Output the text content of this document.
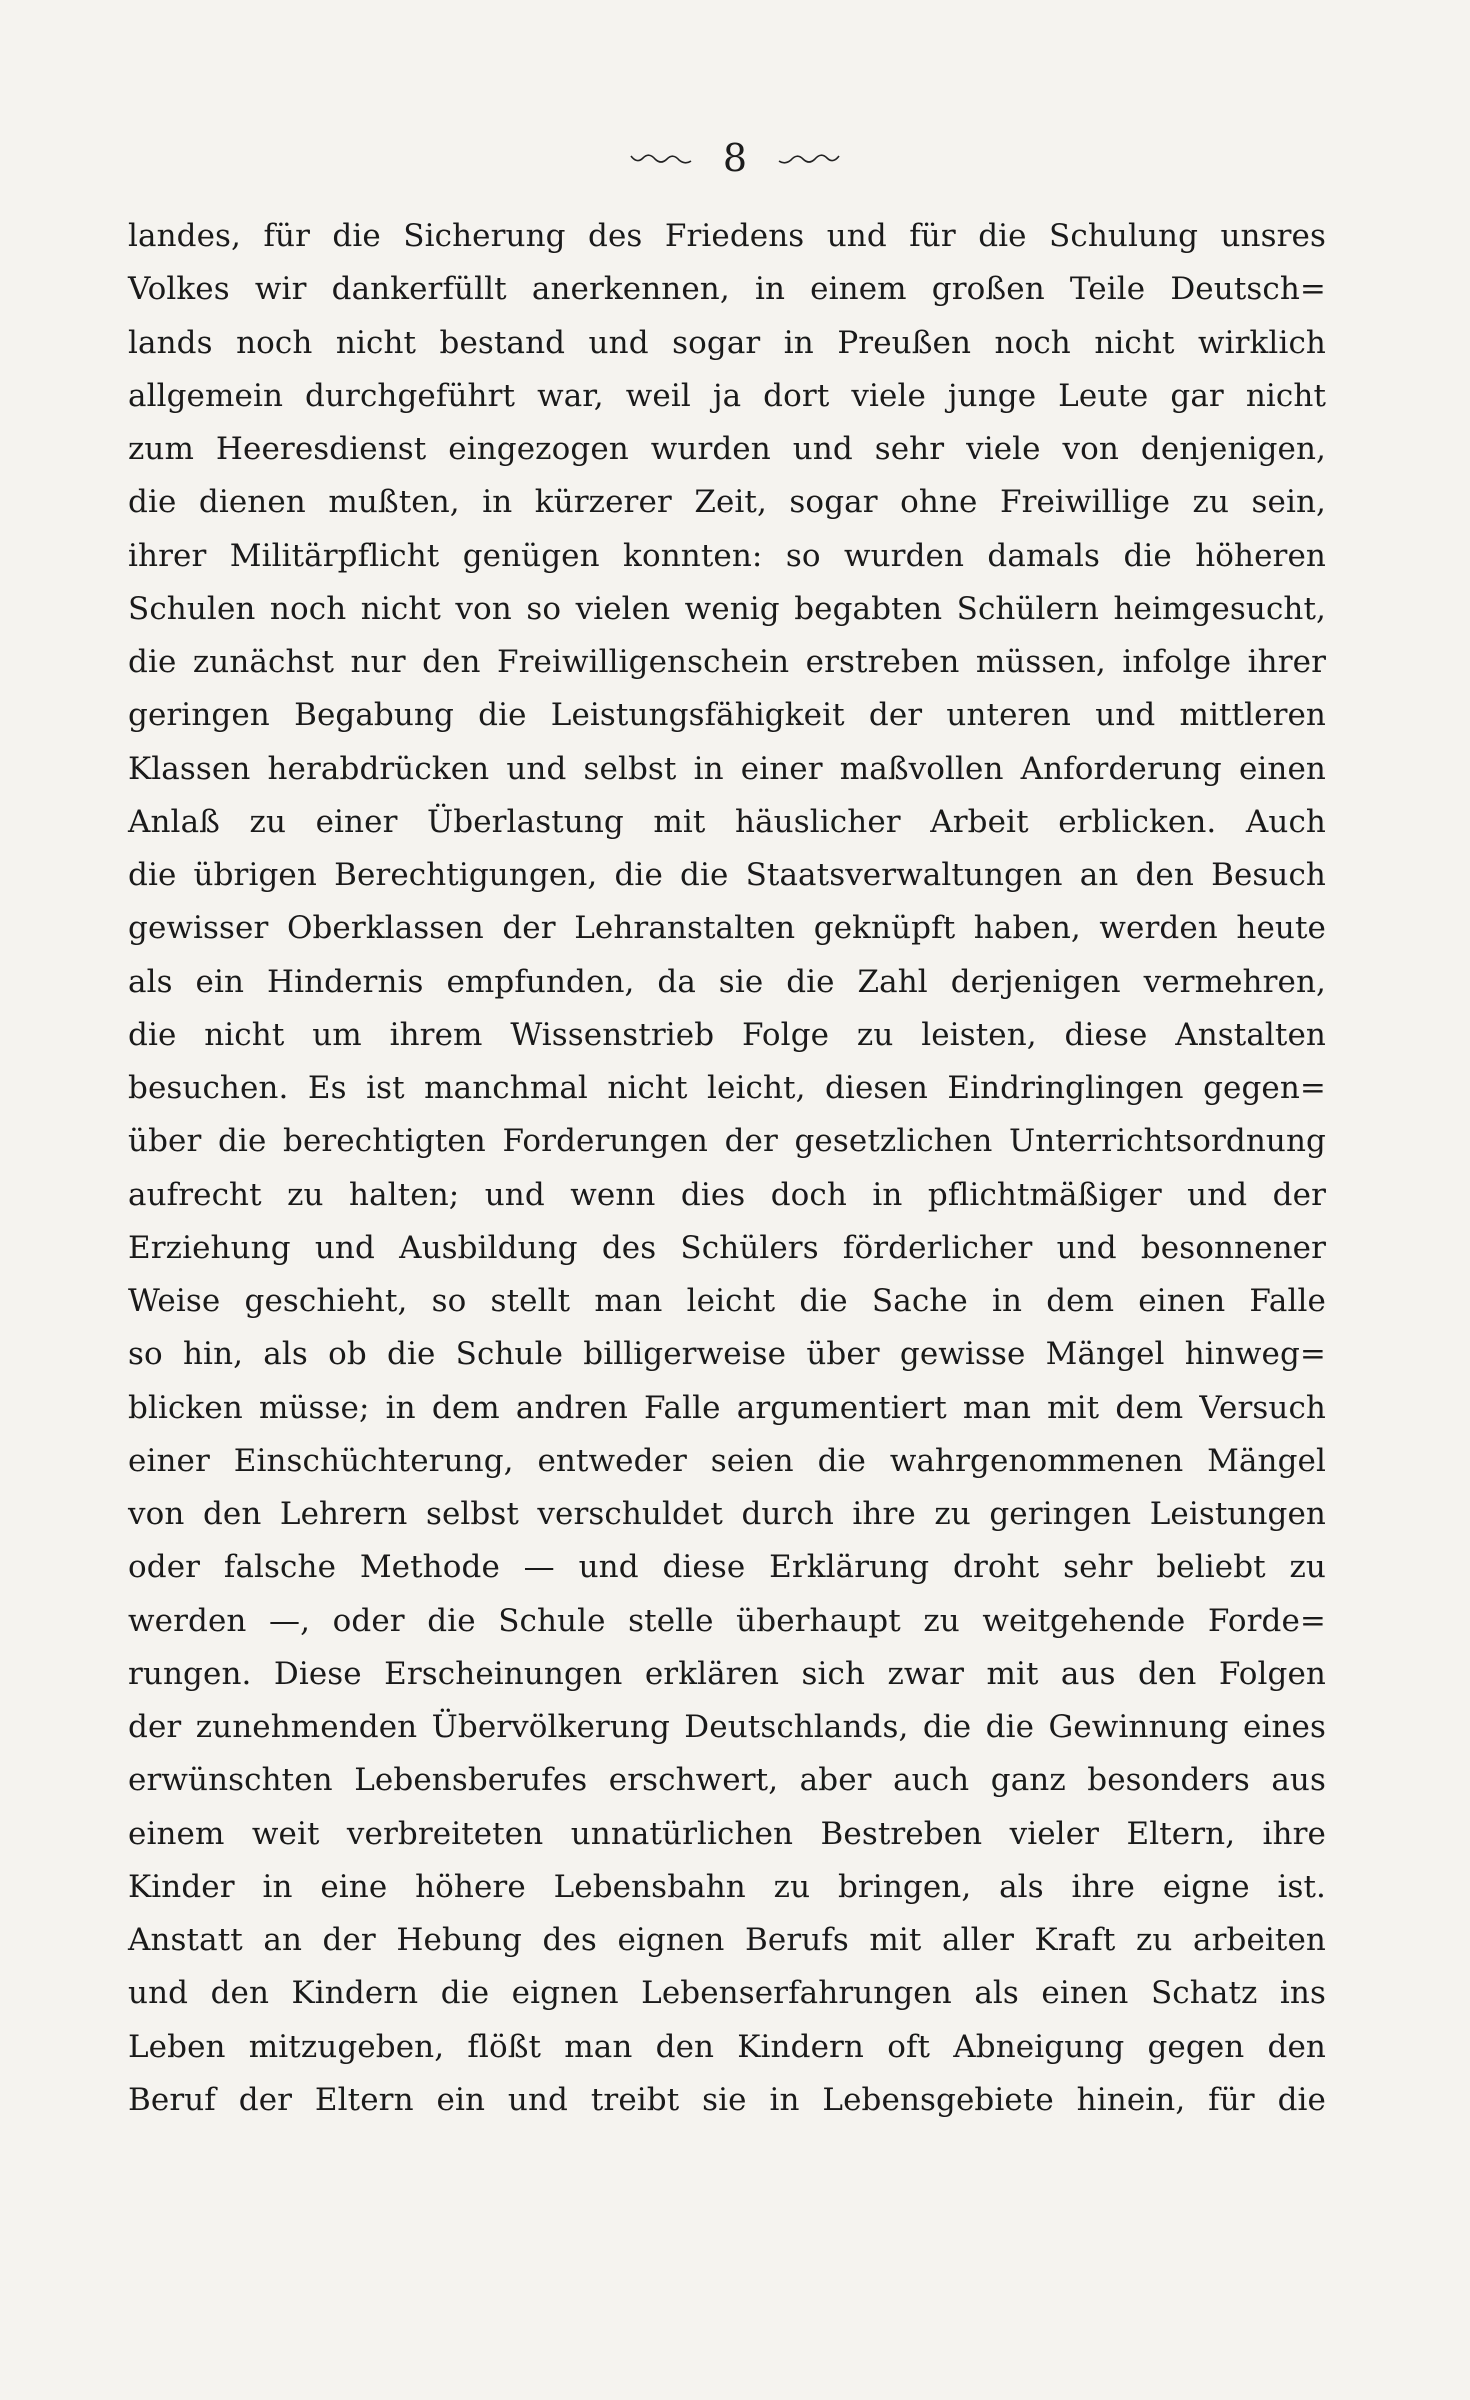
8
landes, für die Sicherung des Friedens und für die Schulung unsres
Volkes wir dankerfüllt anerkennen, in einem großen Teile Deutsch=
lands noch nicht bestand und sogar in Preußen noch nicht wirklich
allgemein durchgeführt war, weil ja dort viele junge Leute gar nicht
zum Heeresdienst eingezogen wurden und sehr viele von denjenigen,
die dienen mußten, in kürzerer Zeit, sogar ohne Freiwillige zu sein,
ihrer Militärpflicht genügen konnten: so wurden damals die höheren
Schulen noch nicht von so vielen wenig begabten Schülern heimgesucht,
die zunächst nur den Freiwilligenschein erstreben müssen, infolge ihrer
geringen Begabung die Leistungsfähigkeit der unteren und mittleren
Klassen herabdrücken und selbst in einer maßvollen Anforderung einen
Anlaß zu einer Überlastung mit häuslicher Arbeit erblicken. Auch
die übrigen Berechtigungen, die die Staatsverwaltungen an den Besuch
gewisser Oberklassen der Lehranstalten geknüpft haben, werden heute
als ein Hindernis empfunden, da sie die Zahl derjenigen vermehren,
die nicht um ihrem Wissenstrieb Folge zu leisten, diese Anstalten
besuchen. Es ist manchmal nicht leicht, diesen Eindringlingen gegen=
über die berechtigten Forderungen der gesetzlichen Unterrichtsordnung
aufrecht zu halten; und wenn dies doch in pflichtmäßiger und der
Erziehung und Ausbildung des Schülers förderlicher und besonnener
Weise geschieht, so stellt man leicht die Sache in dem einen Falle
so hin, als ob die Schule billigerweise über gewisse Mängel hinweg=
blicken müsse; in dem andren Falle argumentiert man mit dem Versuch
einer Einschüchterung, entweder seien die wahrgenommenen Mängel
von den Lehrern selbst verschuldet durch ihre zu geringen Leistungen
oder falsche Methode — und diese Erklärung droht sehr beliebt zu
werden —, oder die Schule stelle überhaupt zu weitgehende Forde=
rungen. Diese Erscheinungen erklären sich zwar mit aus den Folgen
der zunehmenden Übervölkerung Deutschlands, die die Gewinnung eines
erwünschten Lebensberufes erschwert, aber auch ganz besonders aus
einem weit verbreiteten unnatürlichen Bestreben vieler Eltern, ihre
Kinder in eine höhere Lebensbahn zu bringen, als ihre eigne ist.
Anstatt an der Hebung des eignen Berufs mit aller Kraft zu arbeiten
und den Kindern die eignen Lebenserfahrungen als einen Schatz ins
Leben mitzugeben, flößt man den Kindern oft Abneigung gegen den
Beruf der Eltern ein und treibt sie in Lebensgebiete hinein, für die
